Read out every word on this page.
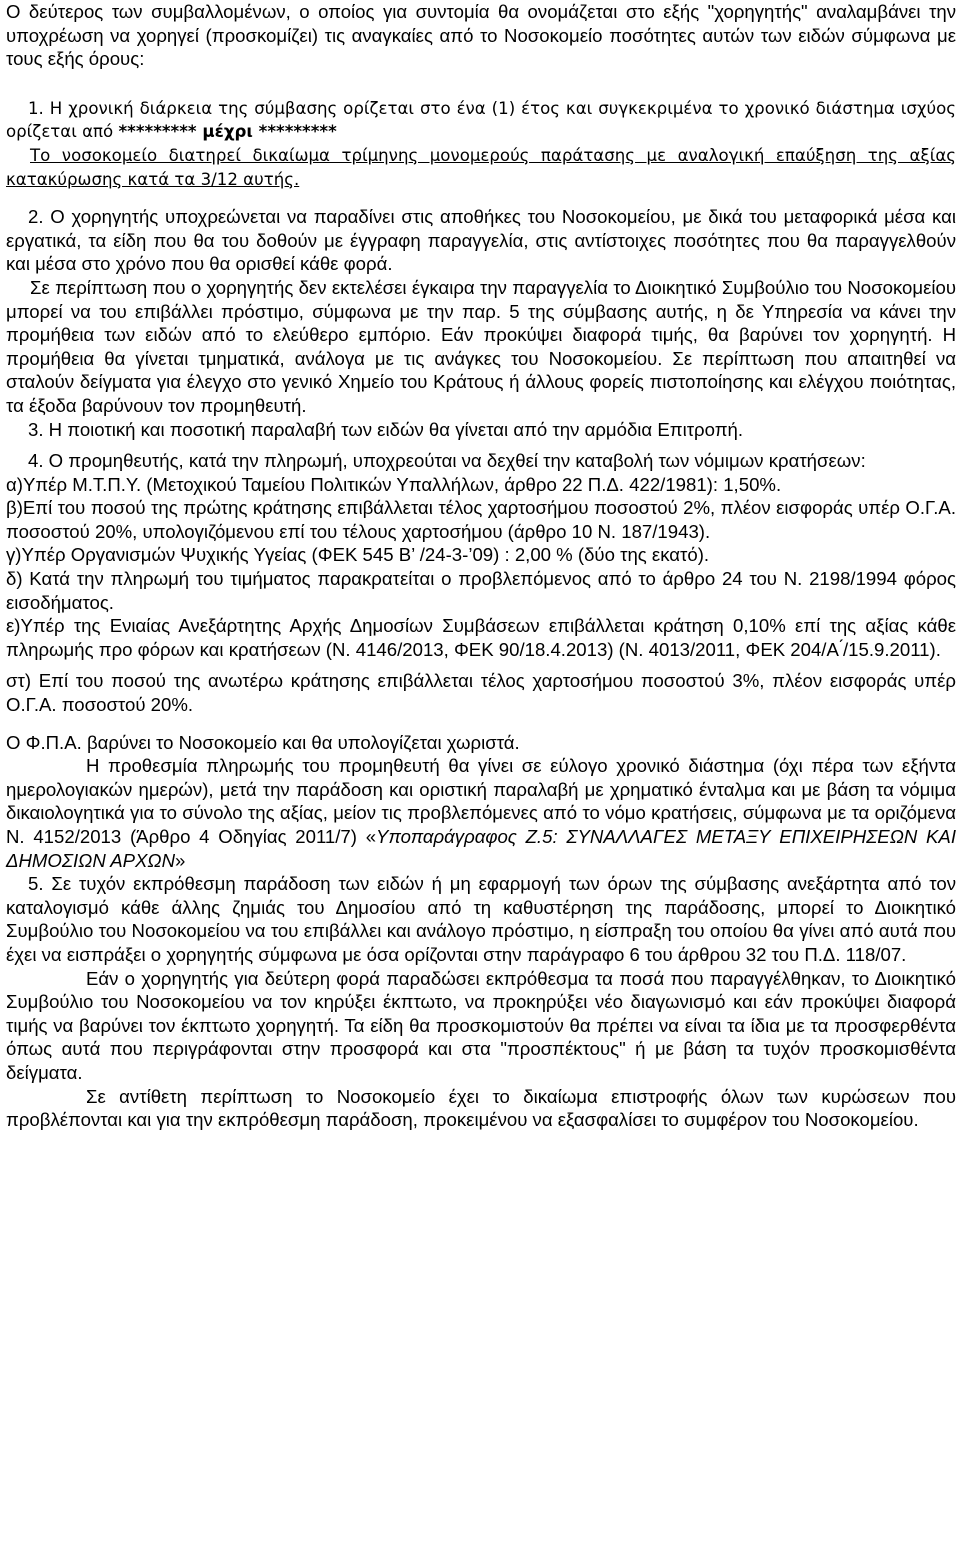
Ο δεύτερος των συμβαλλομένων, ο οποίος για συντομία θα ονομάζεται στο εξής "χορηγητής" αναλαμβάνει την υποχρέωση να χορηγεί (προσκομίζει) τις αναγκαίες από το Νοσοκομείο ποσότητες αυτών των ειδών σύμφωνα με τους εξής όρους:

1. Η χρονική διάρκεια της σύμβασης ορίζεται στο ένα (1) έτος και συγκεκριμένα το χρονικό διάστημα ισχύος ορίζεται από ********* μέχρι *********

Το νοσοκομείο διατηρεί δικαίωμα τρίμηνης μονομερούς παράτασης με αναλογική επαύξηση της αξίας κατακύρωσης κατά τα 3/12 αυτής.

2. Ο χορηγητής υποχρεώνεται να παραδίνει στις αποθήκες του Νοσοκομείου, με δικά του μεταφορικά μέσα και εργατικά, τα είδη που θα του δοθούν με έγγραφη παραγγελία, στις αντίστοιχες ποσότητες που θα παραγγελθούν και μέσα στο χρόνο που θα ορισθεί κάθε φορά.

Σε περίπτωση που ο χορηγητής δεν εκτελέσει έγκαιρα την παραγγελία το Διοικητικό Συμβούλιο του Νοσοκομείου μπορεί να του επιβάλλει πρόστιμο, σύμφωνα με την παρ. 5 της σύμβασης αυτής, η δε Υπηρεσία να κάνει την προμήθεια των ειδών από το ελεύθερο εμπόριο. Εάν προκύψει διαφορά τιμής, θα βαρύνει τον χορηγητή. Η προμήθεια θα γίνεται τμηματικά, ανάλογα με τις ανάγκες του Νοσοκομείου. Σε περίπτωση που απαιτηθεί να σταλούν δείγματα για έλεγχο στο γενικό Χημείο του Κράτους ή άλλους φορείς πιστοποίησης και ελέγχου ποιότητας, τα έξοδα βαρύνουν τον προμηθευτή.

3. Η ποιοτική και ποσοτική παραλαβή των ειδών θα γίνεται από την αρμόδια Επιτροπή.

4. Ο προμηθευτής, κατά την πληρωμή, υποχρεούται να δεχθεί την καταβολή των νόμιμων κρατήσεων:

α)Υπέρ Μ.Τ.Π.Υ. (Μετοχικού Ταμείου Πολιτικών Υπαλλήλων, άρθρο 22 Π.Δ. 422/1981): 1,50%.

β)Επί του ποσού της πρώτης κράτησης επιβάλλεται τέλος χαρτοσήμου ποσοστού 2%, πλέον εισφοράς υπέρ Ο.Γ.Α. ποσοστού 20%, υπολογιζόμενου επί του τέλους χαρτοσήμου (άρθρο 10 Ν. 187/1943).

γ)Υπέρ Οργανισμών Ψυχικής Υγείας (ΦΕΚ 545 Β’ /24-3-’09) : 2,00 % (δύο της εκατό).

δ) Κατά την πληρωμή του τιμήματος παρακρατείται ο προβλεπόμενος από το άρθρο 24 του Ν. 2198/1994 φόρος εισοδήματος.

ε)Υπέρ της Ενιαίας Ανεξάρτητης Αρχής Δημοσίων Συμβάσεων επιβάλλεται κράτηση 0,10% επί της αξίας κάθε πληρωμής προ φόρων και κρατήσεων (Ν. 4146/2013, ΦΕΚ 90/18.4.2013) (Ν. 4013/2011, ΦΕΚ 204/Α ́/15.9.2011).

στ) Επί του ποσού της ανωτέρω κράτησης επιβάλλεται τέλος χαρτοσήμου ποσοστού 3%, πλέον εισφοράς υπέρ Ο.Γ.Α. ποσοστού 20%.

Ο Φ.Π.Α. βαρύνει το Νοσοκομείο και θα υπολογίζεται χωριστά.

Η προθεσμία πληρωμής του προμηθευτή θα γίνει σε εύλογο χρονικό διάστημα (όχι πέρα των εξήντα ημερολογιακών ημερών), μετά την παράδοση και οριστική παραλαβή με χρηματικό ένταλμα και με βάση τα νόμιμα δικαιολογητικά για το σύνολο της αξίας, μείον τις προβλεπόμενες από το νόμο κρατήσεις, σύμφωνα με τα οριζόμενα Ν. 4152/2013 (Άρθρο 4 Οδηγίας 2011/7) «Υποπαράγραφος Ζ.5: ΣΥΝΑΛΛΑΓΕΣ ΜΕΤΑΞΥ ΕΠΙΧΕΙΡΗΣΕΩΝ ΚΑΙ ΔΗΜΟΣΙΩΝ ΑΡΧΩΝ»

5. Σε τυχόν εκπρόθεσμη παράδοση των ειδών ή μη εφαρμογή των όρων της σύμβασης ανεξάρτητα από τον καταλογισμό κάθε άλλης ζημιάς του Δημοσίου από τη καθυστέρηση της παράδοσης, μπορεί το Διοικητικό Συμβούλιο του Νοσοκομείου να του επιβάλλει και ανάλογο πρόστιμο, η είσπραξη του οποίου θα γίνει από αυτά που έχει να εισπράξει ο χορηγητής σύμφωνα με όσα ορίζονται στην παράγραφο 6 του άρθρου 32 του Π.Δ. 118/07.

Εάν ο χορηγητής για δεύτερη φορά παραδώσει εκπρόθεσμα τα ποσά που παραγγέλθηκαν, το Διοικητικό Συμβούλιο του Νοσοκομείου να τον κηρύξει έκπτωτο, να προκηρύξει νέο διαγωνισμό και εάν προκύψει διαφορά τιμής να βαρύνει τον έκπτωτο χορηγητή. Τα είδη θα προσκομιστούν θα πρέπει να είναι τα ίδια με τα προσφερθέντα όπως αυτά που περιγράφονται στην προσφορά και στα "προσπέκτους" ή με βάση τα τυχόν προσκομισθέντα δείγματα.

Σε αντίθετη περίπτωση το Νοσοκομείο έχει το δικαίωμα επιστροφής όλων των κυρώσεων που προβλέπονται και για την εκπρόθεσμη παράδοση, προκειμένου να εξασφαλίσει το συμφέρον του Νοσοκομείου.
